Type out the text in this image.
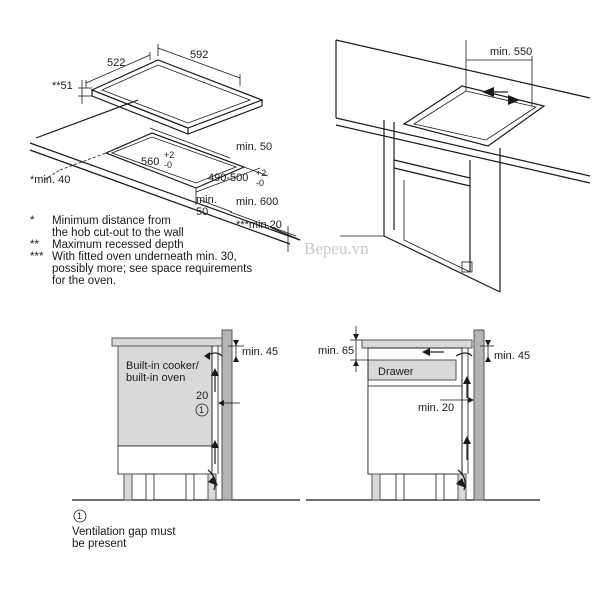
522
592
**51
560
+2
-0
min. 50
490-500 +2
-0
*min. 40
min.
50
min. 600
***min.20
* Minimum distance from
the hob cut-out to the wall
** Maximum recessed depth
*** With fitted oven underneath min. 30,
possibly more; see space requirements
for the oven.
min. 550
Bepeu.vn
Built-in cooker/
built-in oven
min. 45
20
1
Drawer
min. 65	min. 45
min. 20
1
Ventilation gap must
be present
